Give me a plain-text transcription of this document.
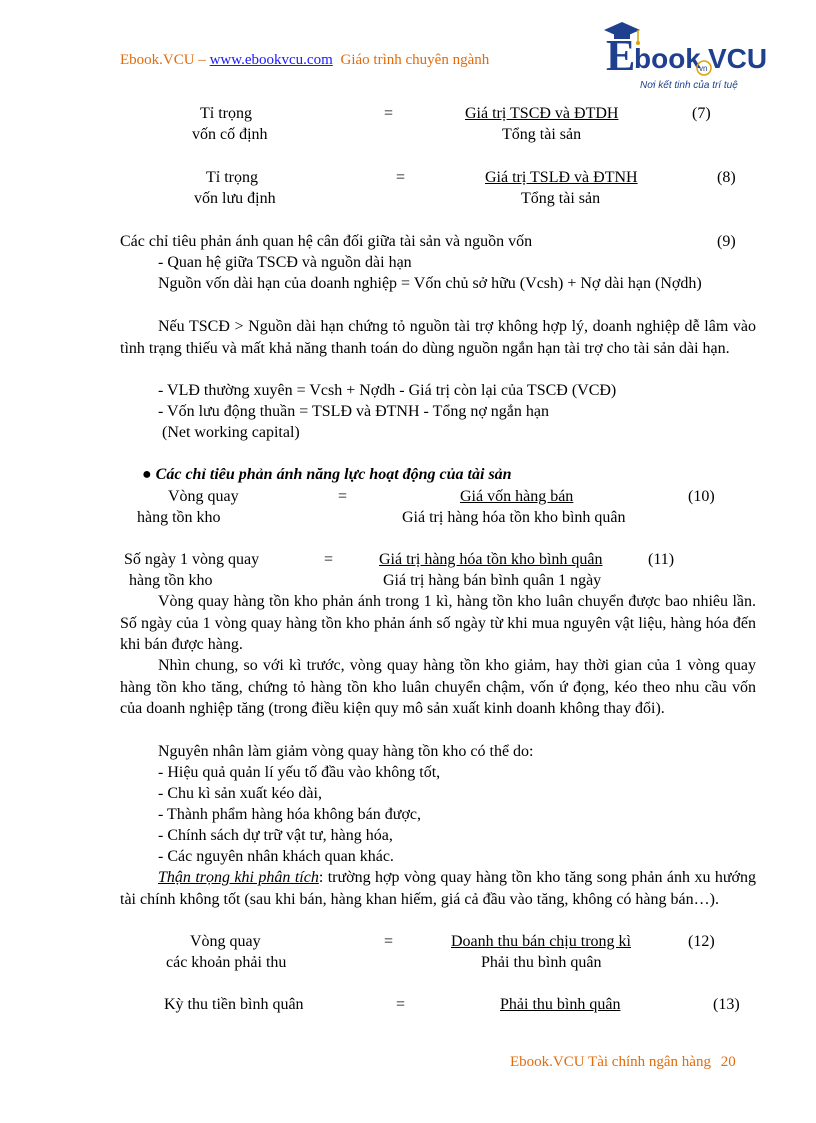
Ebook.VCU – www.ebookvcu.com Giáo trình chuyên ngành	E
book VCU
vn
Nơi kết tinh của trí tuệ
Tỉ trọng
vốn cố định
=	Giá trị TSCĐ và ĐTDH
Tổng tài sản
(7)
Tỉ trọng
vốn lưu định
=	Giá trị TSLĐ và ĐTNH
Tổng tài sản
(8)
Các chỉ tiêu phản ánh quan hệ cân đối giữa tài sản và nguồn vốn	(9)
- Quan hệ giữa TSCĐ và nguồn dài hạn
Nguồn vốn dài hạn của doanh nghiệp = Vốn chủ sở hữu (Vcsh) + Nợ dài hạn (Nợdh)
Nếu TSCĐ > Nguồn dài hạn chứng tỏ nguồn tài trợ không hợp lý, doanh nghiệp dễ lâm vào tình trạng thiếu và mất khả năng thanh toán do dùng nguồn ngắn hạn tài trợ cho tài sản dài hạn.
- VLĐ thường xuyên = Vcsh + Nợdh - Giá trị còn lại của TSCĐ (VCĐ)
- Vốn lưu động thuần = TSLĐ và ĐTNH - Tổng nợ ngắn hạn
(Net working capital)
● Các chỉ tiêu phản ánh năng lực hoạt động của tài sản
Vòng quay
hàng tồn kho
=	Giá vốn hàng bán
Giá trị hàng hóa tồn kho bình quân
(10)
Số ngày 1 vòng quay
hàng tồn kho
=	Giá trị hàng hóa tồn kho bình quân
Giá trị hàng bán bình quân 1 ngày
(11)
Vòng quay hàng tồn kho phản ánh trong 1 kì, hàng tồn kho luân chuyển được bao nhiêu lần. Số ngày của 1 vòng quay hàng tồn kho phản ánh số ngày từ khi mua nguyên vật liệu, hàng hóa đến khi bán được hàng.
Nhìn chung, so với kì trước, vòng quay hàng tồn kho giảm, hay thời gian của 1 vòng quay hàng tồn kho tăng, chứng tỏ hàng tồn kho luân chuyển chậm, vốn ứ đọng, kéo theo nhu cầu vốn của doanh nghiệp tăng (trong điều kiện quy mô sản xuất kinh doanh không thay đổi).
Nguyên nhân làm giảm vòng quay hàng tồn kho có thể do:
- Hiệu quả quản lí yếu tố đầu vào không tốt,
- Chu kì sản xuất kéo dài,
- Thành phẩm hàng hóa không bán được,
- Chính sách dự trữ vật tư, hàng hóa,
- Các nguyên nhân khách quan khác.
Thận trọng khi phân tích: trường hợp vòng quay hàng tồn kho tăng song phản ánh xu hướng tài chính không tốt (sau khi bán, hàng khan hiếm, giá cả đầu vào tăng, không có hàng bán…).
Vòng quay
các khoản phải thu
=	Doanh thu bán chịu trong kì
Phải thu bình quân
(12)
Kỳ thu tiền bình quân	=	Phải thu bình quân	(13)
Ebook.VCU Tài chính ngân hàng 20
